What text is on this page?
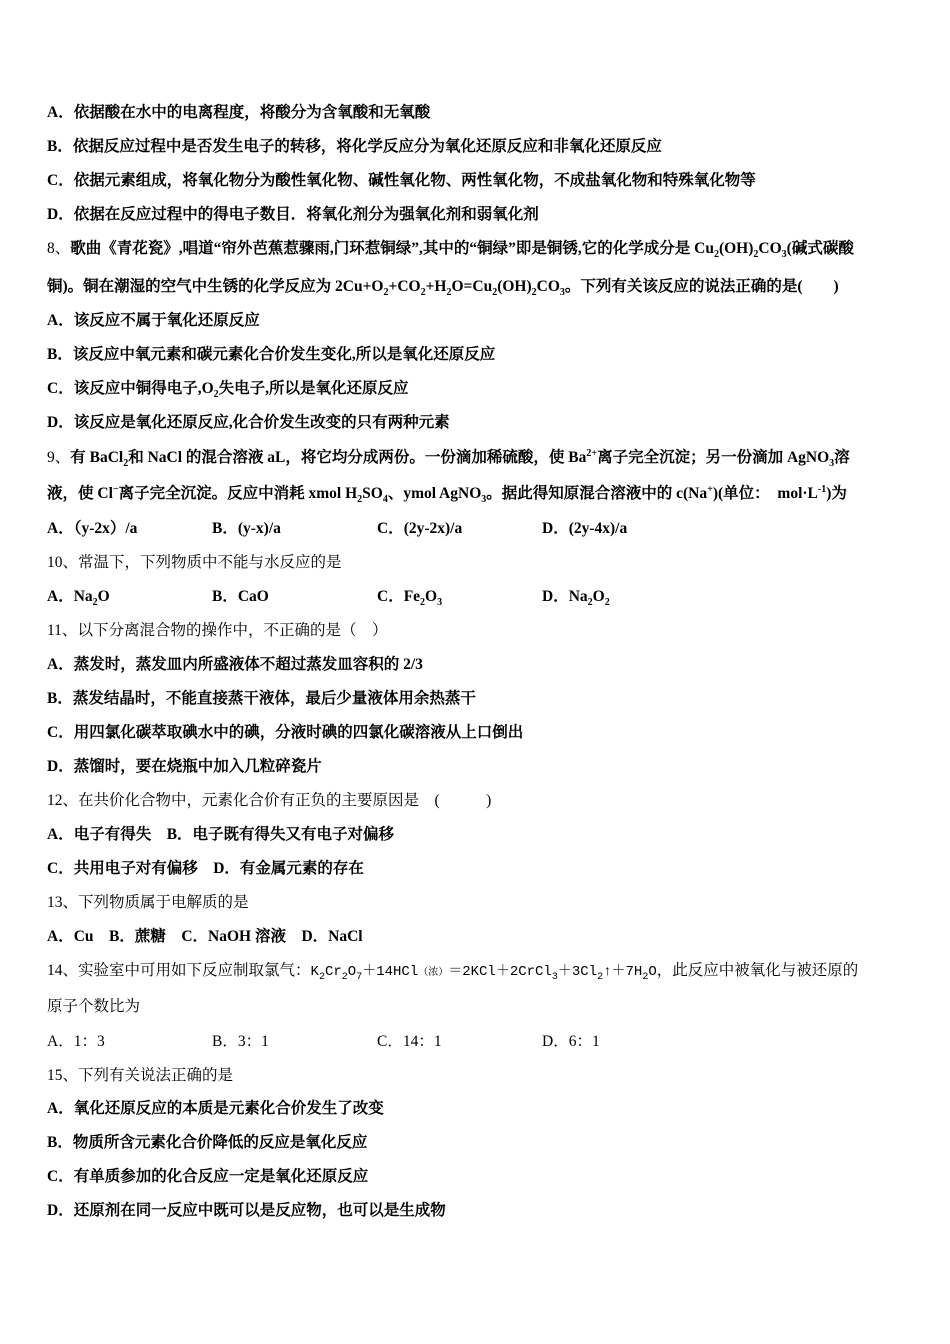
A．依据酸在水中的电离程度，将酸分为含氧酸和无氧酸
B．依据反应过程中是否发生电子的转移，将化学反应分为氧化还原反应和非氧化还原反应
C．依据元素组成，将氧化物分为酸性氧化物、碱性氧化物、两性氧化物，不成盐氧化物和特殊氧化物等
D．依据在反应过程中的得电子数目．将氧化剂分为强氧化剂和弱氧化剂
8、歌曲《青花瓷》,唱道“帘外芭蕉惹骤雨,门环惹铜绿”,其中的“铜绿”即是铜锈,它的化学成分是 $Cu_2(OH)_2CO_3$(碱式碳酸
铜)。铜在潮湿的空气中生锈的化学反应为 $2Cu+O_2+CO_2+H_2O=Cu_2(OH)_2CO_3$。下列有关该反应的说法正确的是(　　)
A．该反应不属于氧化还原反应
B．该反应中氧元素和碳元素化合价发生变化,所以是氧化还原反应
C．该反应中铜得电子$,O_2$失电子,所以是氧化还原反应
D．该反应是氧化还原反应,化合价发生改变的只有两种元素
9、有 BaCl$_2$和 NaCl 的混合溶液 aL，将它均分成两份。一份滴加稀硫酸，使 $Ba^{2+}$离子完全沉淀；另一份滴加 AgNO$_3$溶
液，使 Cl−离子完全沉淀。反应中消耗 xmol $H_2SO_4$、ymol AgNO$_3$。据此得知原混合溶液中的 c(Na+)(单位：　$mol\cdot L^{-1}$)为
A．（y-2x）/a	B．(y-x)/a	C．(2y-2x)/a	D．(2y-4x)/a
10、常温下，下列物质中不能与水反应的是
A．$Na_2O$	B．CaO	C．$Fe_2O_3$	D．$Na_2O_2$
11、以下分离混合物的操作中，不正确的是（　）
A．蒸发时，蒸发皿内所盛液体不超过蒸发皿容积的 2/3
B．蒸发结晶时，不能直接蒸干液体，最后少量液体用余热蒸干
C．用四氯化碳萃取碘水中的碘，分液时碘的四氯化碳溶液从上口倒出
D．蒸馏时，要在烧瓶中加入几粒碎瓷片
12、在共价化合物中，元素化合价有正负的主要原因是　(　　　)
A．电子有得失　B．电子既有得失又有电子对偏移
C．共用电子对有偏移　D．有金属元素的存在
13、下列物质属于电解质的是
A．Cu　B．蔗糖　C．NaOH 溶液　D．NaCl
14、实验室中可用如下反应制取氯气：$K_2Cr_2O_7+14HCl$（浓）$=2KCl+2CrCl_3+3Cl_2↑+7H_2O$，此反应中被氧化与被还原的
原子个数比为
A．1：3	B．3：1	C．14：1	D．6：1
15、下列有关说法正确的是
A．氧化还原反应的本质是元素化合价发生了改变
B．物质所含元素化合价降低的反应是氧化反应
C．有单质参加的化合反应一定是氧化还原反应
D．还原剂在同一反应中既可以是反应物，也可以是生成物
